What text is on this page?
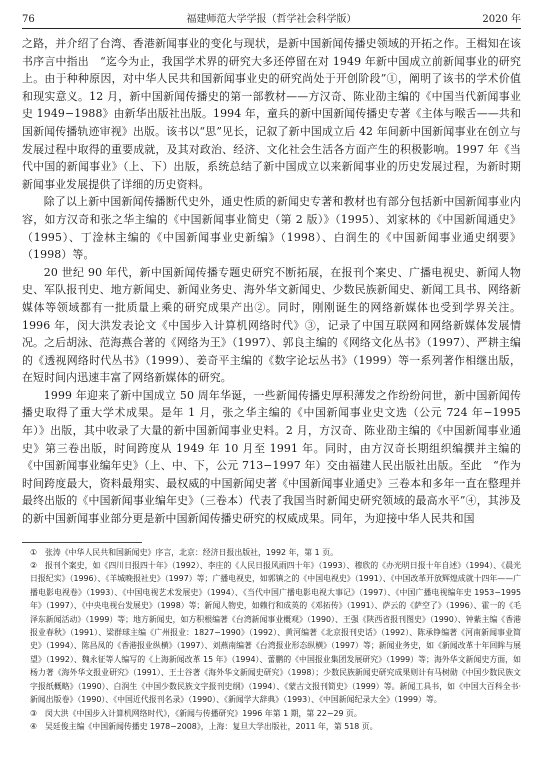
76	福建师范大学学报（哲学社会科学版）	2020 年

之路，并介绍了台湾、香港新闻事业的变化与现状，是新中国新闻传播史领域的开拓之作。王楫知在该书序言中指出　“迄今为止，我国学术界的研究大多还停留在对 1949 年新中国成立前新闻事业的研究上。由于种种原因，对中华人民共和国新闻事业史的研究尚处于开创阶段”①，阐明了该书的学术价值和现实意义。12 月，新中国新闻传播史的第一部教材——方汉奇、陈业劭主编的《中国当代新闻事业史 1949−1988》由新华出版社出版。1994 年，童兵的新中国新闻传播史专著《主体与喉舌——共和国新闻传播轨迹审视》出版。该书以“思”见长，记叙了新中国成立后 42 年间新中国新闻事业在创立与发展过程中取得的重要成就，及其对政治、经济、文化社会生活各方面产生的积极影响。1997 年《当代中国的新闻事业》（上、下）出版，系统总结了新中国成立以来新闻事业的历史发展过程，为新时期新闻事业发展提供了详细的历史资料。

除了以上新中国新闻传播断代史外，通史性质的新闻史专著和教材也有部分包括新中国新闻事业内容，如方汉奇和张之华主编的《中国新闻事业简史（第 2 版）》（1995）、刘家林的《中国新闻通史》（1995）、丁淦林主编的《中国新闻事业史新编》（1998）、白润生的《中国新闻事业通史纲要》（1998）等。

20 世纪 90 年代，新中国新闻传播专题史研究不断拓展，在报刊个案史、广播电视史、新闻人物史、军队报刊史、地方新闻史、新闻业务史、海外华文新闻史、少数民族新闻史、新闻工具书、网络新媒体等领域都有一批质量上乘的研究成果产出②。同时，刚刚诞生的网络新媒体也受到学界关注。1996 年，闵大洪发表论文《中国步入计算机网络时代》③，记录了中国互联网和网络新媒体发展情况。之后胡泳、范海燕合著的《网络为王》（1997）、郭良主编的《网络文化丛书》（1997）、严耕主编的《透视网络时代丛书》（1999）、姜奇平主编的《数字论坛丛书》（1999）等一系列著作相继出版，在短时间内迅速丰富了网络新媒体的研究。

1999 年迎来了新中国成立 50 周年华诞，一些新闻传播史厚积薄发之作纷纷问世，新中国新闻传播史取得了重大学术成果。是年 1 月，张之华主编的《中国新闻事业史文选（公元 724 年−1995 年）》出版，其中收录了大量的新中国新闻事业史料。2 月，方汉奇、陈业劭主编的《中国新闻事业通史》第三卷出版，时间跨度从 1949 年 10 月至 1991 年。同时，由方汉奇长期组织编撰并主编的《中国新闻事业编年史》（上、中、下，公元 713−1997 年）交由福建人民出版社出版。至此　“作为时间跨度最大，资料最翔实、最权威的中国新闻史著《中国新闻事业通史》三卷本和多年一直在整理并最终出版的《中国新闻事业编年史》（三卷本）代表了我国当时新闻史研究领域的最高水平”④，其涉及的新中国新闻事业部分更是新中国新闻传播史研究的权威成果。同年，为迎接中华人民共和国

①　张涛《中华人民共和国新闻史》序言，北京：经济日报出版社，1992 年，第 1 页。

②　报刊个案史，如《四川日报四十年》（1992）、李庄的《人民日报风雨四十年》（1993）、穆欣的《办光明日报十年自述》（1994）、《晨光日报纪实》（1996）、《羊城晚报社史》（1997）等；广播电视史，如郭镇之的《中国电视史》（1991）、《中国改革开放辉煌成就十四年——广播电影电视卷》（1993）、《中国电视艺术发展史》（1994）、《当代中国广播电影电视大事记》（1997）、《中国广播电视编年史 1953−1995 年》（1997）、《中央电视台发展史》（1998）等；新闻人物史，如赖行和成英的《邓拓传》（1991）、萨云的《萨空了》（1996）、霍一的《毛泽东新闻活动》（1999）等；地方新闻史，如方积根编著《台湾新闻事业概观》（1990）、王强《陕西省报刊图史》（1990）、钟紫主编《香港报业春秋》（1991）、梁群球主编《广州报业：1827−1990》（1992）、黄河编著《北京报刊史话》（1992）、陈承铮编著《河南新闻事业简史》（1994）、陈昌凤的《香港报业纵横》（1997）、刘燕南编著《台湾报业形态纵横》（1997）等；新闻业务史，如《新闻改革十年回眸与展望》（1992）、魏永征等人编写的《上海新闻改革 15 年》（1994）、蕾鹏的《中国报业集团发展研究》（1999）等；海外华文新闻史方面，如杨力著《海外华文报业研究》（1991）、王士谷著《海外华文新闻史研究》（1998）；少数民族新闻史研究成果则计有马树勋《中国少数民族文字报纸概略》（1990）、白润生《中国少数民族文字报刊史纲》（1994）、《蒙古文报刊简史》（1999）等。新闻工具书，如《中国大百科全书·新闻出版卷》（1990）、《中国近代报刊名录》（1990）、《新闻学大辞典》（1993）、《中国新闻纪录大全》（1999）等。

③　闵大洪《中国步入计算机网络时代》，《新闻与传播研究》1996 年第 1 期，第 22−29 页。

④　吴廷俊主编《中国新闻传播史 1978−2008》，上海：复旦大学出版社，2011 年，第 518 页。
